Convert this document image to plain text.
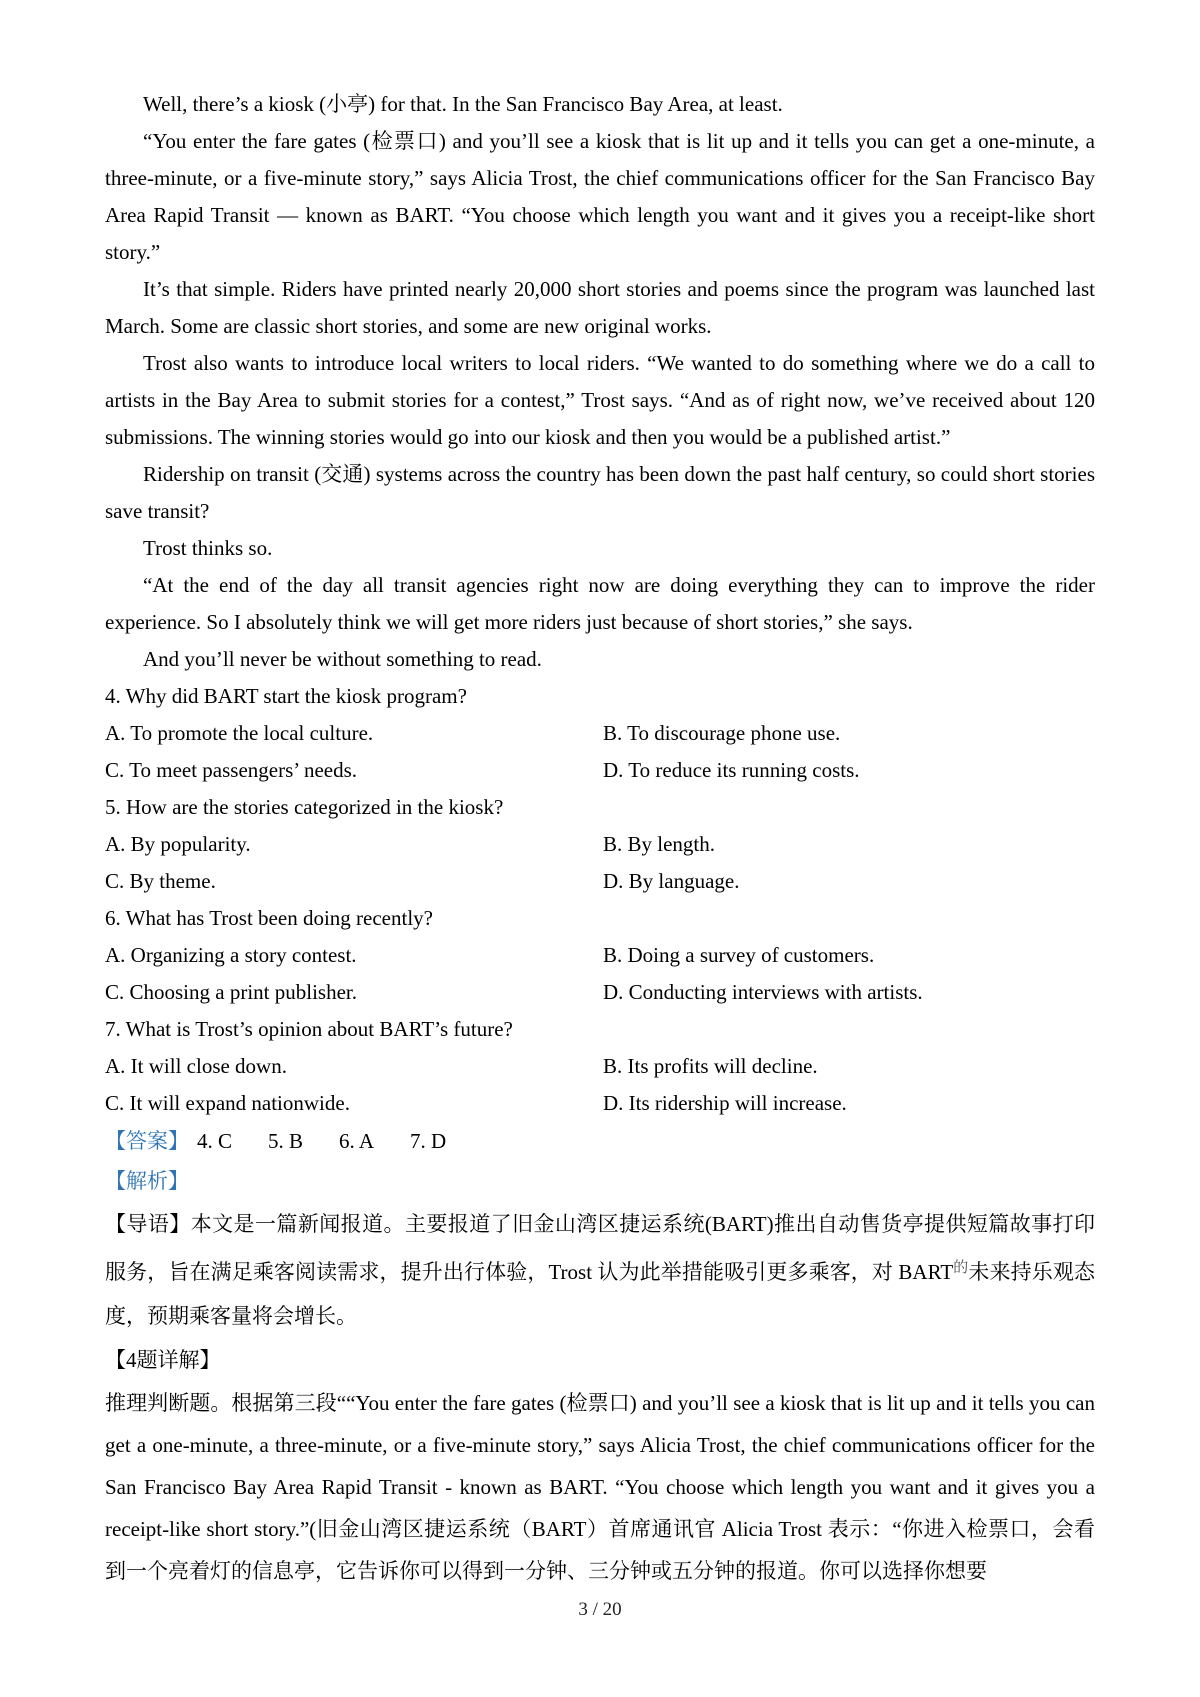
Well, there’s a kiosk (小亭) for that. In the San Francisco Bay Area, at least.

“You enter the fare gates (检票口) and you’ll see a kiosk that is lit up and it tells you can get a one-minute, a three-minute, or a five-minute story,” says Alicia Trost, the chief communications officer for the San Francisco Bay Area Rapid Transit — known as BART. “You choose which length you want and it gives you a receipt-like short story.”

It’s that simple. Riders have printed nearly 20,000 short stories and poems since the program was launched last March. Some are classic short stories, and some are new original works.

Trost also wants to introduce local writers to local riders. “We wanted to do something where we do a call to artists in the Bay Area to submit stories for a contest,” Trost says. “And as of right now, we’ve received about 120 submissions. The winning stories would go into our kiosk and then you would be a published artist.”

Ridership on transit (交通) systems across the country has been down the past half century, so could short stories save transit?

Trost thinks so.

“At the end of the day all transit agencies right now are doing everything they can to improve the rider experience. So I absolutely think we will get more riders just because of short stories,” she says.

And you’ll never be without something to read.

4. Why did BART start the kiosk program?

A. To promote the local culture.	B. To discourage phone use.

C. To meet passengers’ needs.	D. To reduce its running costs.

5. How are the stories categorized in the kiosk?

A. By popularity.	B. By length.

C. By theme.	D. By language.

6. What has Trost been doing recently?

A. Organizing a story contest.	B. Doing a survey of customers.

C. Choosing a print publisher.	D. Conducting interviews with artists.

7. What is Trost’s opinion about BART’s future?

A. It will close down.	B. Its profits will decline.

C. It will expand nationwide.	D. Its ridership will increase.

【答案】 4. C 5. B 6. A 7. D

【解析】

【导语】本文是一篇新闻报道。主要报道了旧金山湾区捷运系统(BART)推出自动售货亭提供短篇故事打印服务，旨在满足乘客阅读需求，提升出行体验，Trost 认为此举措能吸引更多乘客，对 $BART^的$未来持乐观态度，预期乘客量将会增长。

【4题详解】

推理判断题。根据第三段““You enter the fare gates (检票口) and you’ll see a kiosk that is lit up and it tells you can get a one-minute, a three-minute, or a five-minute story,” says Alicia Trost, the chief communications officer for the San Francisco Bay Area Rapid Transit - known as BART. “You choose which length you want and it gives you a receipt-like short story.”(旧金山湾区捷运系统（BART）首席通讯官 Alicia Trost 表示：“你进入检票口，会看到一个亮着灯的信息亭，它告诉你可以得到一分钟、三分钟或五分钟的报道。你可以选择你想要

3 / 20
